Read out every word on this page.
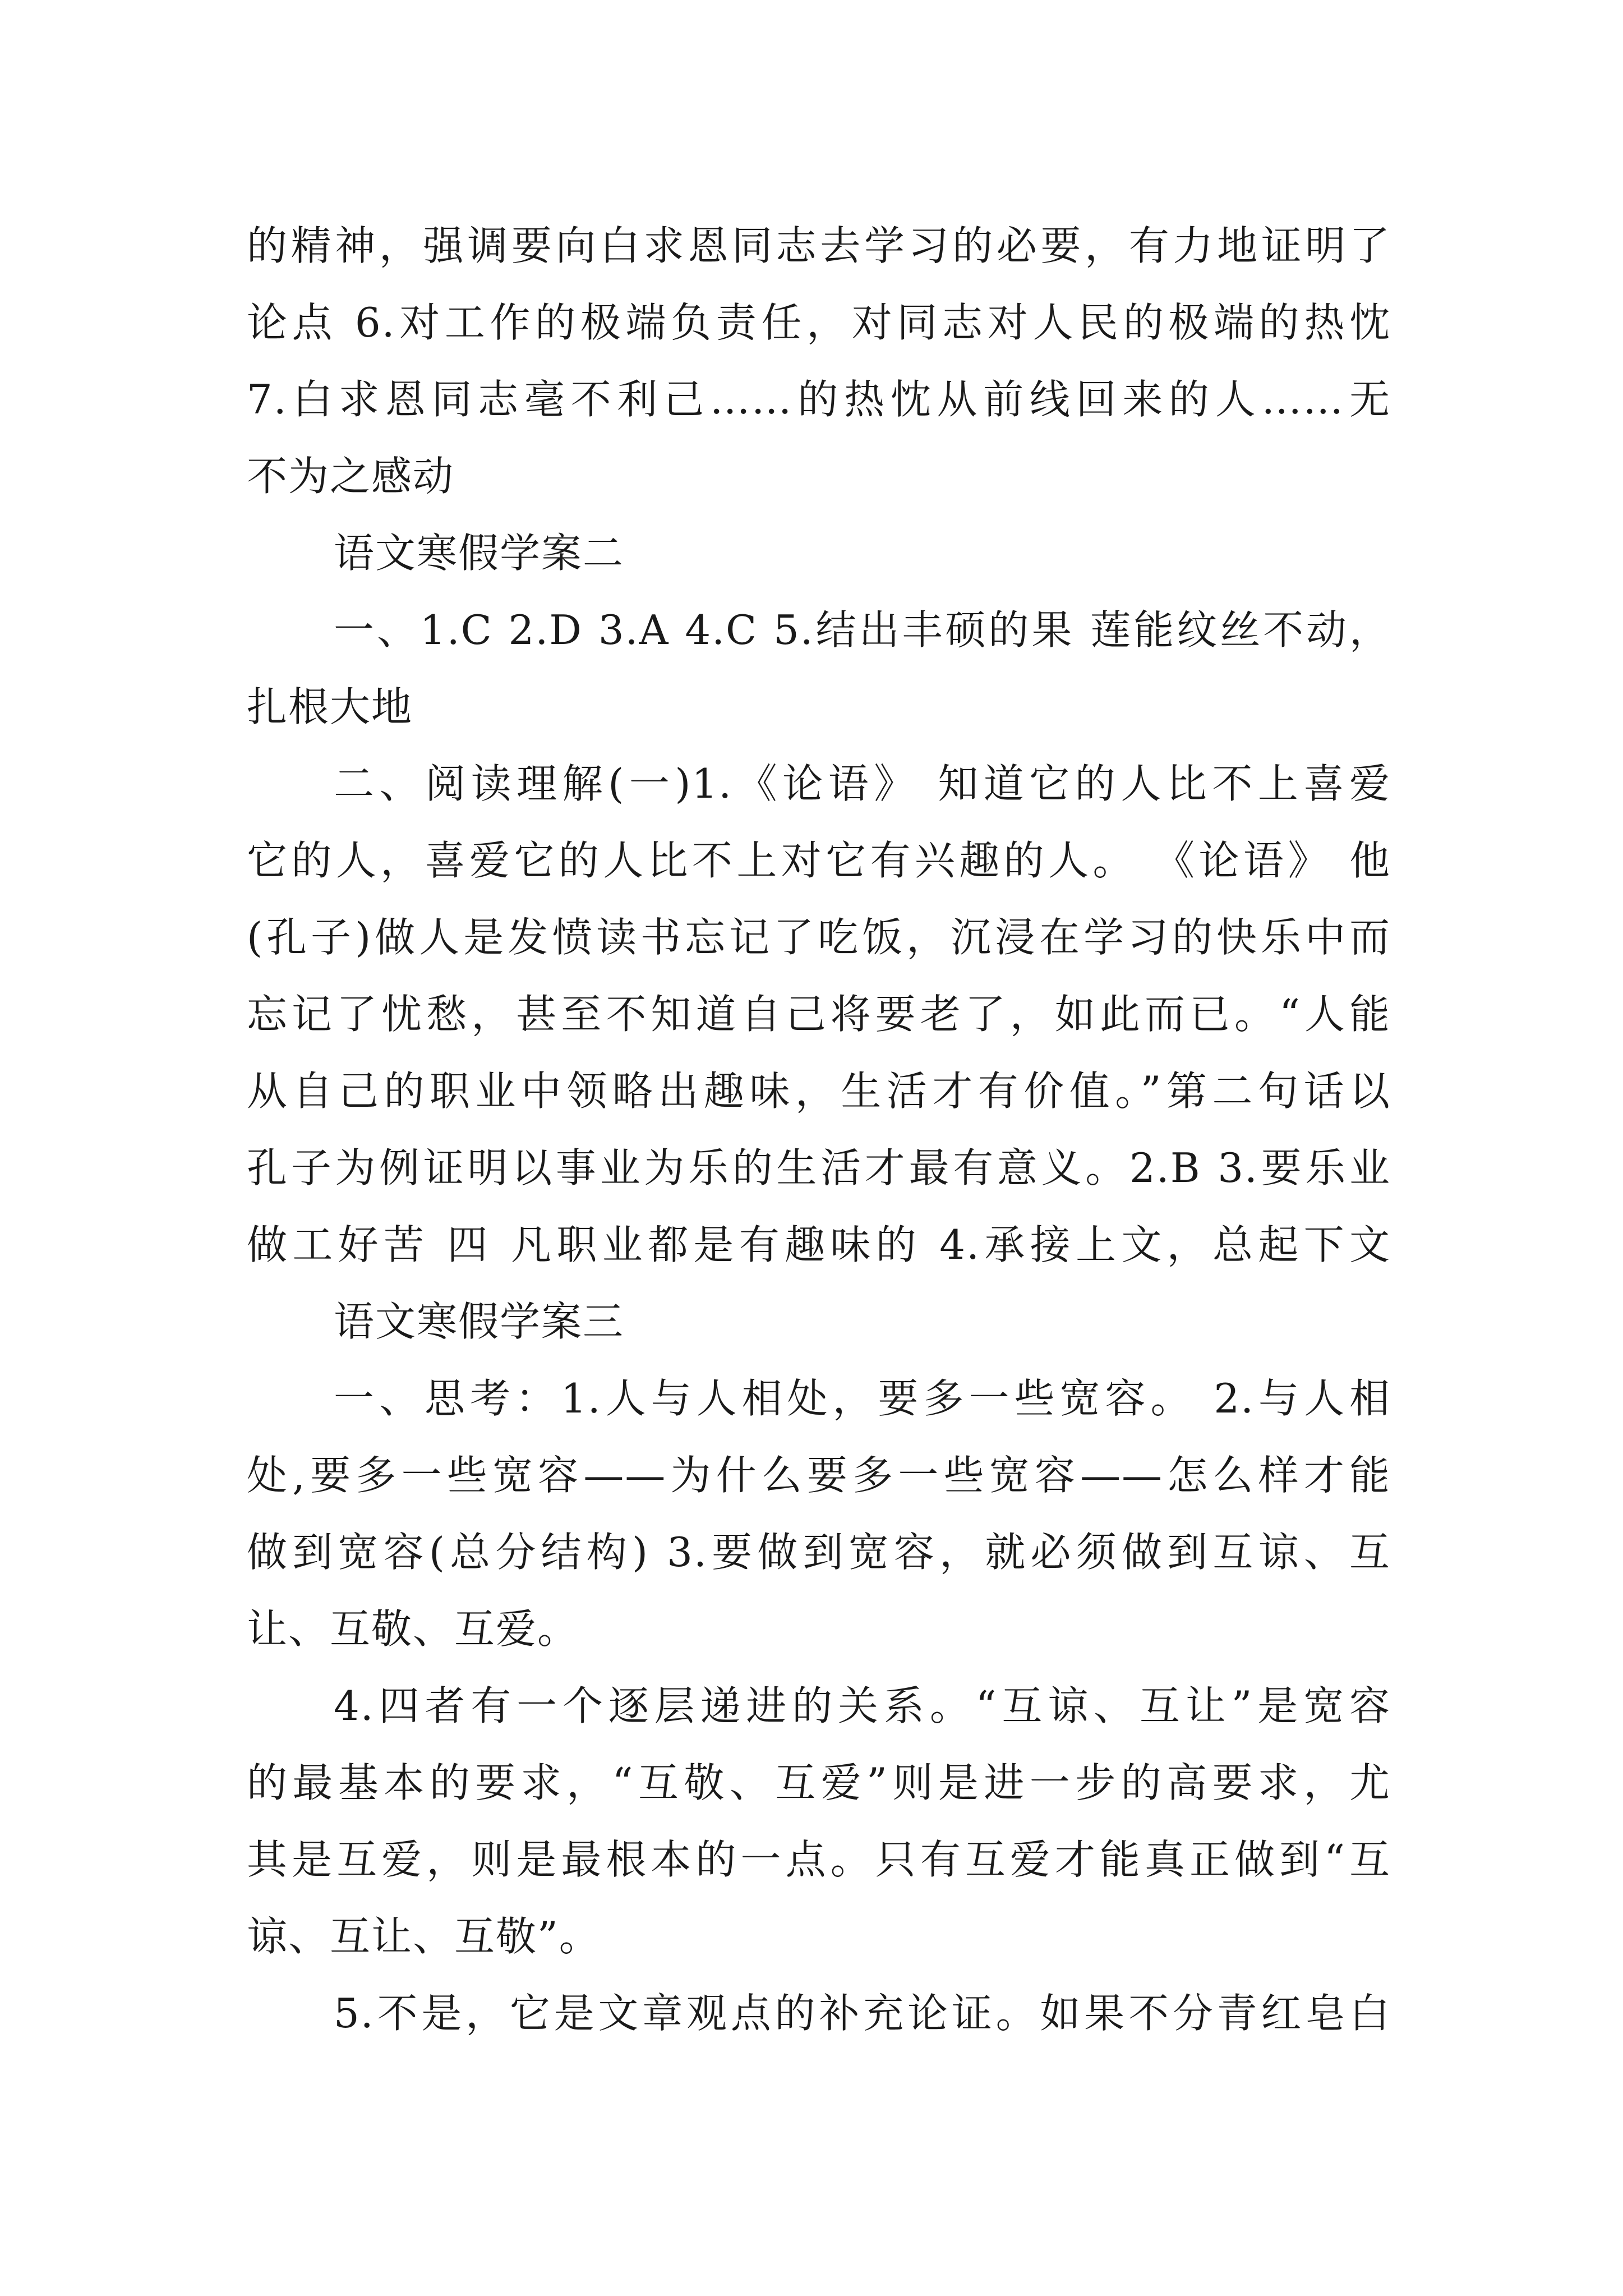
的精神，强调要向白求恩同志去学习的必要，有力地证明了
论点 6.对工作的极端负责任，对同志对人民的极端的热忱
7.白求恩同志毫不利己……的热忱从前线回来的人……无
不为之感动
语文寒假学案二
一、1.C 2.D 3.A 4.C 5.结出丰硕的果 莲能纹丝不动，
扎根大地
二、阅读理解(一)1.《论语》 知道它的人比不上喜爱
它的人，喜爱它的人比不上对它有兴趣的人。 《论语》 他
(孔子)做人是发愤读书忘记了吃饭，沉浸在学习的快乐中而
忘记了忧愁，甚至不知道自己将要老了，如此而已。“人能
从自己的职业中领略出趣味，生活才有价值。”第二句话以
孔子为例证明以事业为乐的生活才最有意义。2.B 3.要乐业
做工好苦 四 凡职业都是有趣味的 4.承接上文，总起下文
语文寒假学案三
一、思考：1.人与人相处，要多一些宽容。 2.与人相
处,要多一些宽容——为什么要多一些宽容——怎么样才能
做到宽容(总分结构) 3.要做到宽容，就必须做到互谅、互
让、互敬、互爱。
4.四者有一个逐层递进的关系。“互谅、互让”是宽容
的最基本的要求，“互敬、互爱”则是进一步的高要求，尤
其是互爱，则是最根本的一点。只有互爱才能真正做到“互
谅、互让、互敬”。
5.不是，它是文章观点的补充论证。如果不分青红皂白
